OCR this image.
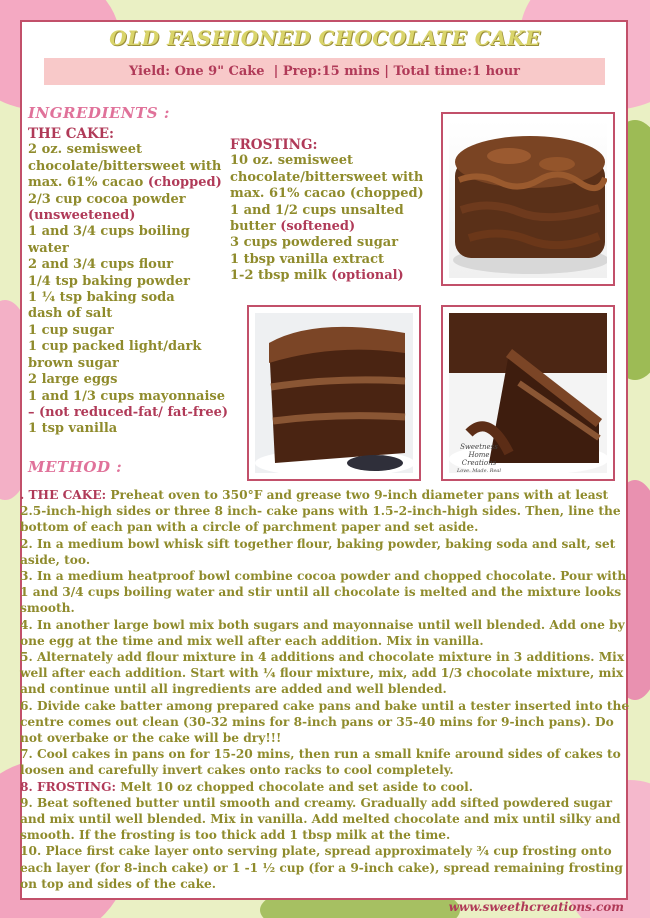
OLD FASHIONED CHOCOLATE CAKE
Yield: One 9" Cake  | Prep:15 mins | Total time:1 hour
INGREDIENTS :
THE CAKE:
2 oz. semisweet chocolate/bittersweet with max. 61% cacao (chopped)
2/3 cup cocoa powder (unsweetened)
1 and 3/4 cups boiling water
2 and 3/4 cups flour
1/4 tsp baking powder
1 ¼ tsp baking soda
dash of salt
1 cup sugar
1 cup packed light/dark brown sugar
2 large eggs
1 and 1/3 cups mayonnaise – (not reduced-fat/ fat-free)
1 tsp vanilla
FROSTING:
10 oz. semisweet chocolate/bittersweet with max. 61% cacao (chopped)
1 and 1/2 cups unsalted butter (softened)
3 cups powdered sugar
1 tbsp vanilla extract
1-2 tbsp milk (optional)
Sweetness Home
Creations
Love. Made. Real
METHOD :

. THE CAKE: Preheat oven to 350°F and grease two 9-inch diameter pans with at least 2.5-inch-high sides or three 8 inch- cake pans with 1.5-2-inch-high sides. Then, line the bottom of each pan with a circle of parchment paper and set aside.

2. In a medium bowl whisk sift together flour, baking powder, baking soda and salt, set aside, too.

3. In a medium heatproof bowl combine cocoa powder and chopped chocolate. Pour with 1 and 3/4 cups boiling water and stir until all chocolate is melted and the mixture looks smooth.

4. In another large bowl mix both sugars and mayonnaise until well blended. Add one by one egg at the time and mix well after each addition. Mix in vanilla.

5. Alternately add flour mixture in 4 additions and chocolate mixture in 3 additions. Mix well after each addition. Start with ¼ flour mixture, mix, add 1/3 chocolate mixture, mix and continue until all ingredients are added and well blended.

6. Divide cake batter among prepared cake pans and bake until a tester inserted into the centre comes out clean (30-32 mins for 8-inch pans or 35-40 mins for 9-inch pans). Do not overbake or the cake will be dry!!!

7. Cool cakes in pans on for 15-20 mins, then run a small knife around sides of cakes to loosen and carefully invert cakes onto racks to cool completely.

8. FROSTING: Melt 10 oz chopped chocolate and set aside to cool.

9. Beat softened butter until smooth and creamy. Gradually add sifted powdered sugar and mix until well blended. Mix in vanilla. Add melted chocolate and mix until silky and smooth. If the frosting is too thick add 1 tbsp milk at the time.

10. Place first cake layer onto serving plate, spread approximately ¾ cup frosting onto each layer (for 8-inch cake) or 1 -1 ½ cup (for a 9-inch cake), spread remaining frosting on top and sides of the cake.

www.sweethcreations.com
